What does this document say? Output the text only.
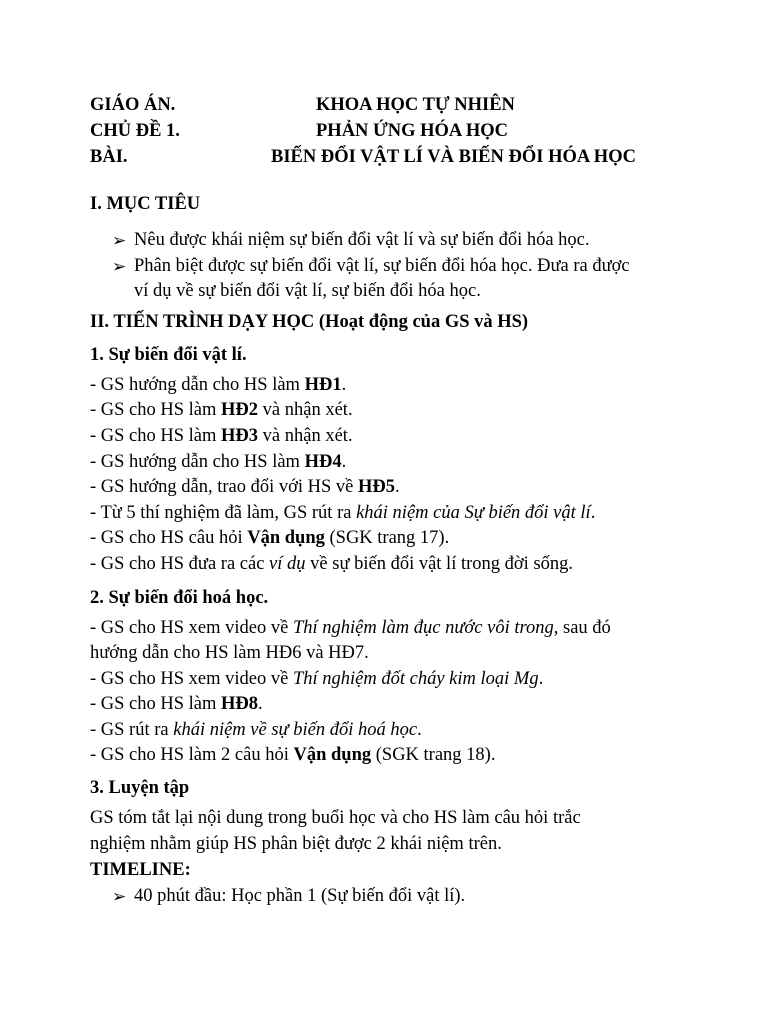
GIÁO ÁN.	KHOA HỌC TỰ NHIÊN
CHỦ ĐỀ 1.	PHẢN ỨNG HÓA HỌC
BÀI.	BIẾN ĐỔI VẬT LÍ VÀ BIẾN ĐỔI HÓA HỌC
I. MỤC TIÊU
➢ Nêu được khái niệm sự biến đổi vật lí và sự biến đổi hóa học.
➢ Phân biệt được sự biến đổi vật lí, sự biến đổi hóa học. Đưa ra được
ví dụ về sự biến đổi vật lí, sự biến đổi hóa học.
II. TIẾN TRÌNH DẠY HỌC (Hoạt động của GS và HS)
1. Sự biến đổi vật lí.
- GS hướng dẫn cho HS làm HĐ1.
- GS cho HS làm HĐ2 và nhận xét.
- GS cho HS làm HĐ3 và nhận xét.
- GS hướng dẫn cho HS làm HĐ4.
- GS hướng dẫn, trao đổi với HS về HĐ5.
- Từ 5 thí nghiệm đã làm, GS rút ra khái niệm của Sự biến đổi vật lí.
- GS cho HS câu hỏi Vận dụng (SGK trang 17).
- GS cho HS đưa ra các ví dụ về sự biến đổi vật lí trong đời sống.
2. Sự biến đổi hoá học.
- GS cho HS xem video về Thí nghiệm làm đục nước vôi trong, sau đó
hướng dẫn cho HS làm HĐ6 và HĐ7.
- GS cho HS xem video về Thí nghiệm đốt cháy kim loại Mg.
- GS cho HS làm HĐ8.
- GS rút ra khái niệm về sự biến đổi hoá học.
- GS cho HS làm 2 câu hỏi Vận dụng (SGK trang 18).
3. Luyện tập
GS tóm tắt lại nội dung trong buổi học và cho HS làm câu hỏi trắc
nghiệm nhằm giúp HS phân biệt được 2 khái niệm trên.
TIMELINE:
➢ 40 phút đầu: Học phần 1 (Sự biến đổi vật lí).
